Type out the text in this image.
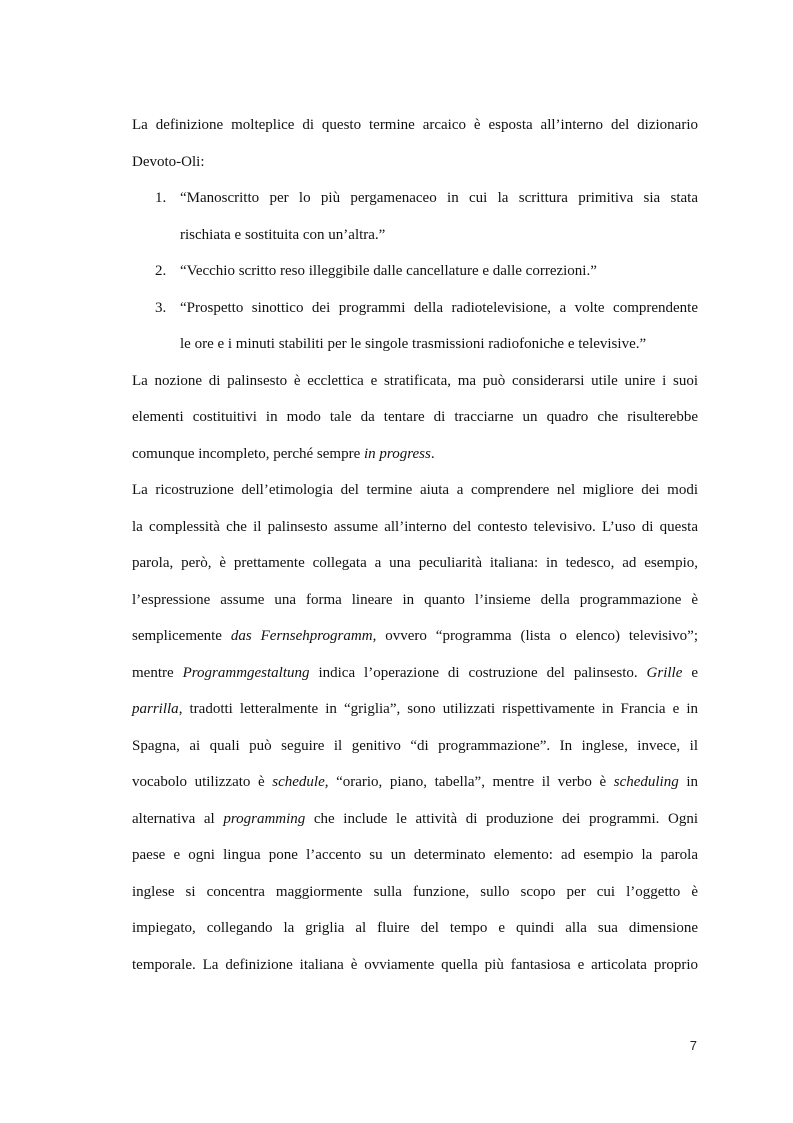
La definizione molteplice di questo termine arcaico è esposta all’interno del dizionario
Devoto-Oli:
1. “Manoscritto per lo più pergamenaceo in cui la scrittura primitiva sia stata
rischiata e sostituita con un’altra.”
2. “Vecchio scritto reso illeggibile dalle cancellature e dalle correzioni.”
3. “Prospetto sinottico dei programmi della radiotelevisione, a volte comprendente
le ore e i minuti stabiliti per le singole trasmissioni radiofoniche e televisive.”
La nozione di palinsesto è ecclettica e stratificata, ma può considerarsi utile unire i suoi
elementi costituitivi in modo tale da tentare di tracciarne un quadro che risulterebbe
comunque incompleto, perché sempre in progress.
La ricostruzione dell’etimologia del termine aiuta a comprendere nel migliore dei modi
la complessità che il palinsesto assume all’interno del contesto televisivo. L’uso di questa
parola, però, è prettamente collegata a una peculiarità italiana: in tedesco, ad esempio,
l’espressione assume una forma lineare in quanto l’insieme della programmazione è
semplicemente das Fernsehprogramm, ovvero “programma (lista o elenco) televisivo”;
mentre Programmgestaltung indica l’operazione di costruzione del palinsesto. Grille e
parrilla, tradotti letteralmente in “griglia”, sono utilizzati rispettivamente in Francia e in
Spagna, ai quali può seguire il genitivo “di programmazione”. In inglese, invece, il
vocabolo utilizzato è schedule, “orario, piano, tabella”, mentre il verbo è scheduling in
alternativa al programming che include le attività di produzione dei programmi. Ogni
paese e ogni lingua pone l’accento su un determinato elemento: ad esempio la parola
inglese si concentra maggiormente sulla funzione, sullo scopo per cui l’oggetto è
impiegato, collegando la griglia al fluire del tempo e quindi alla sua dimensione
temporale. La definizione italiana è ovviamente quella più fantasiosa e articolata proprio
7
